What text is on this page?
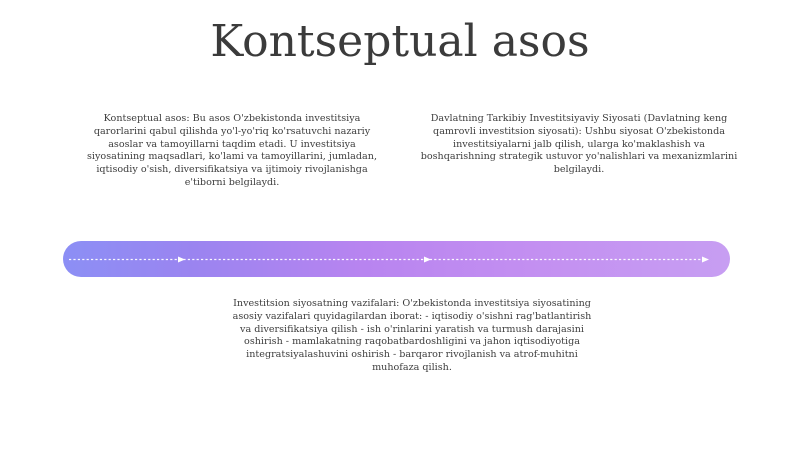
Kontseptual asos
Kontseptual asos: Bu asos O'zbekistonda investitsiya qarorlarini qabul qilishda yo'l-yo'riq ko'rsatuvchi nazariy asoslar va tamoyillarni taqdim etadi. U investitsiya siyosatining maqsadlari, ko'lami va tamoyillarini, jumladan, iqtisodiy o'sish, diversifikatsiya va ijtimoiy rivojlanishga e'tiborni belgilaydi.
Davlatning Tarkibiy Investitsiyaviy Siyosati (Davlatning keng qamrovli investitsion siyosati): Ushbu siyosat O'zbekistonda investitsiyalarni jalb qilish, ularga ko'maklashish va boshqarishning strategik ustuvor yo'nalishlari va mexanizmlarini belgilaydi.
Investitsion siyosatning vazifalari: O'zbekistonda investitsiya siyosatining asosiy vazifalari quyidagilardan iborat: - iqtisodiy o'sishni rag'batlantirish va diversifikatsiya qilish - ish o'rinlarini yaratish va turmush darajasini oshirish - mamlakatning raqobatbardoshligini va jahon iqtisodiyotiga integratsiyalashuvini oshirish - barqaror rivojlanish va atrof-muhitni muhofaza qilish.
